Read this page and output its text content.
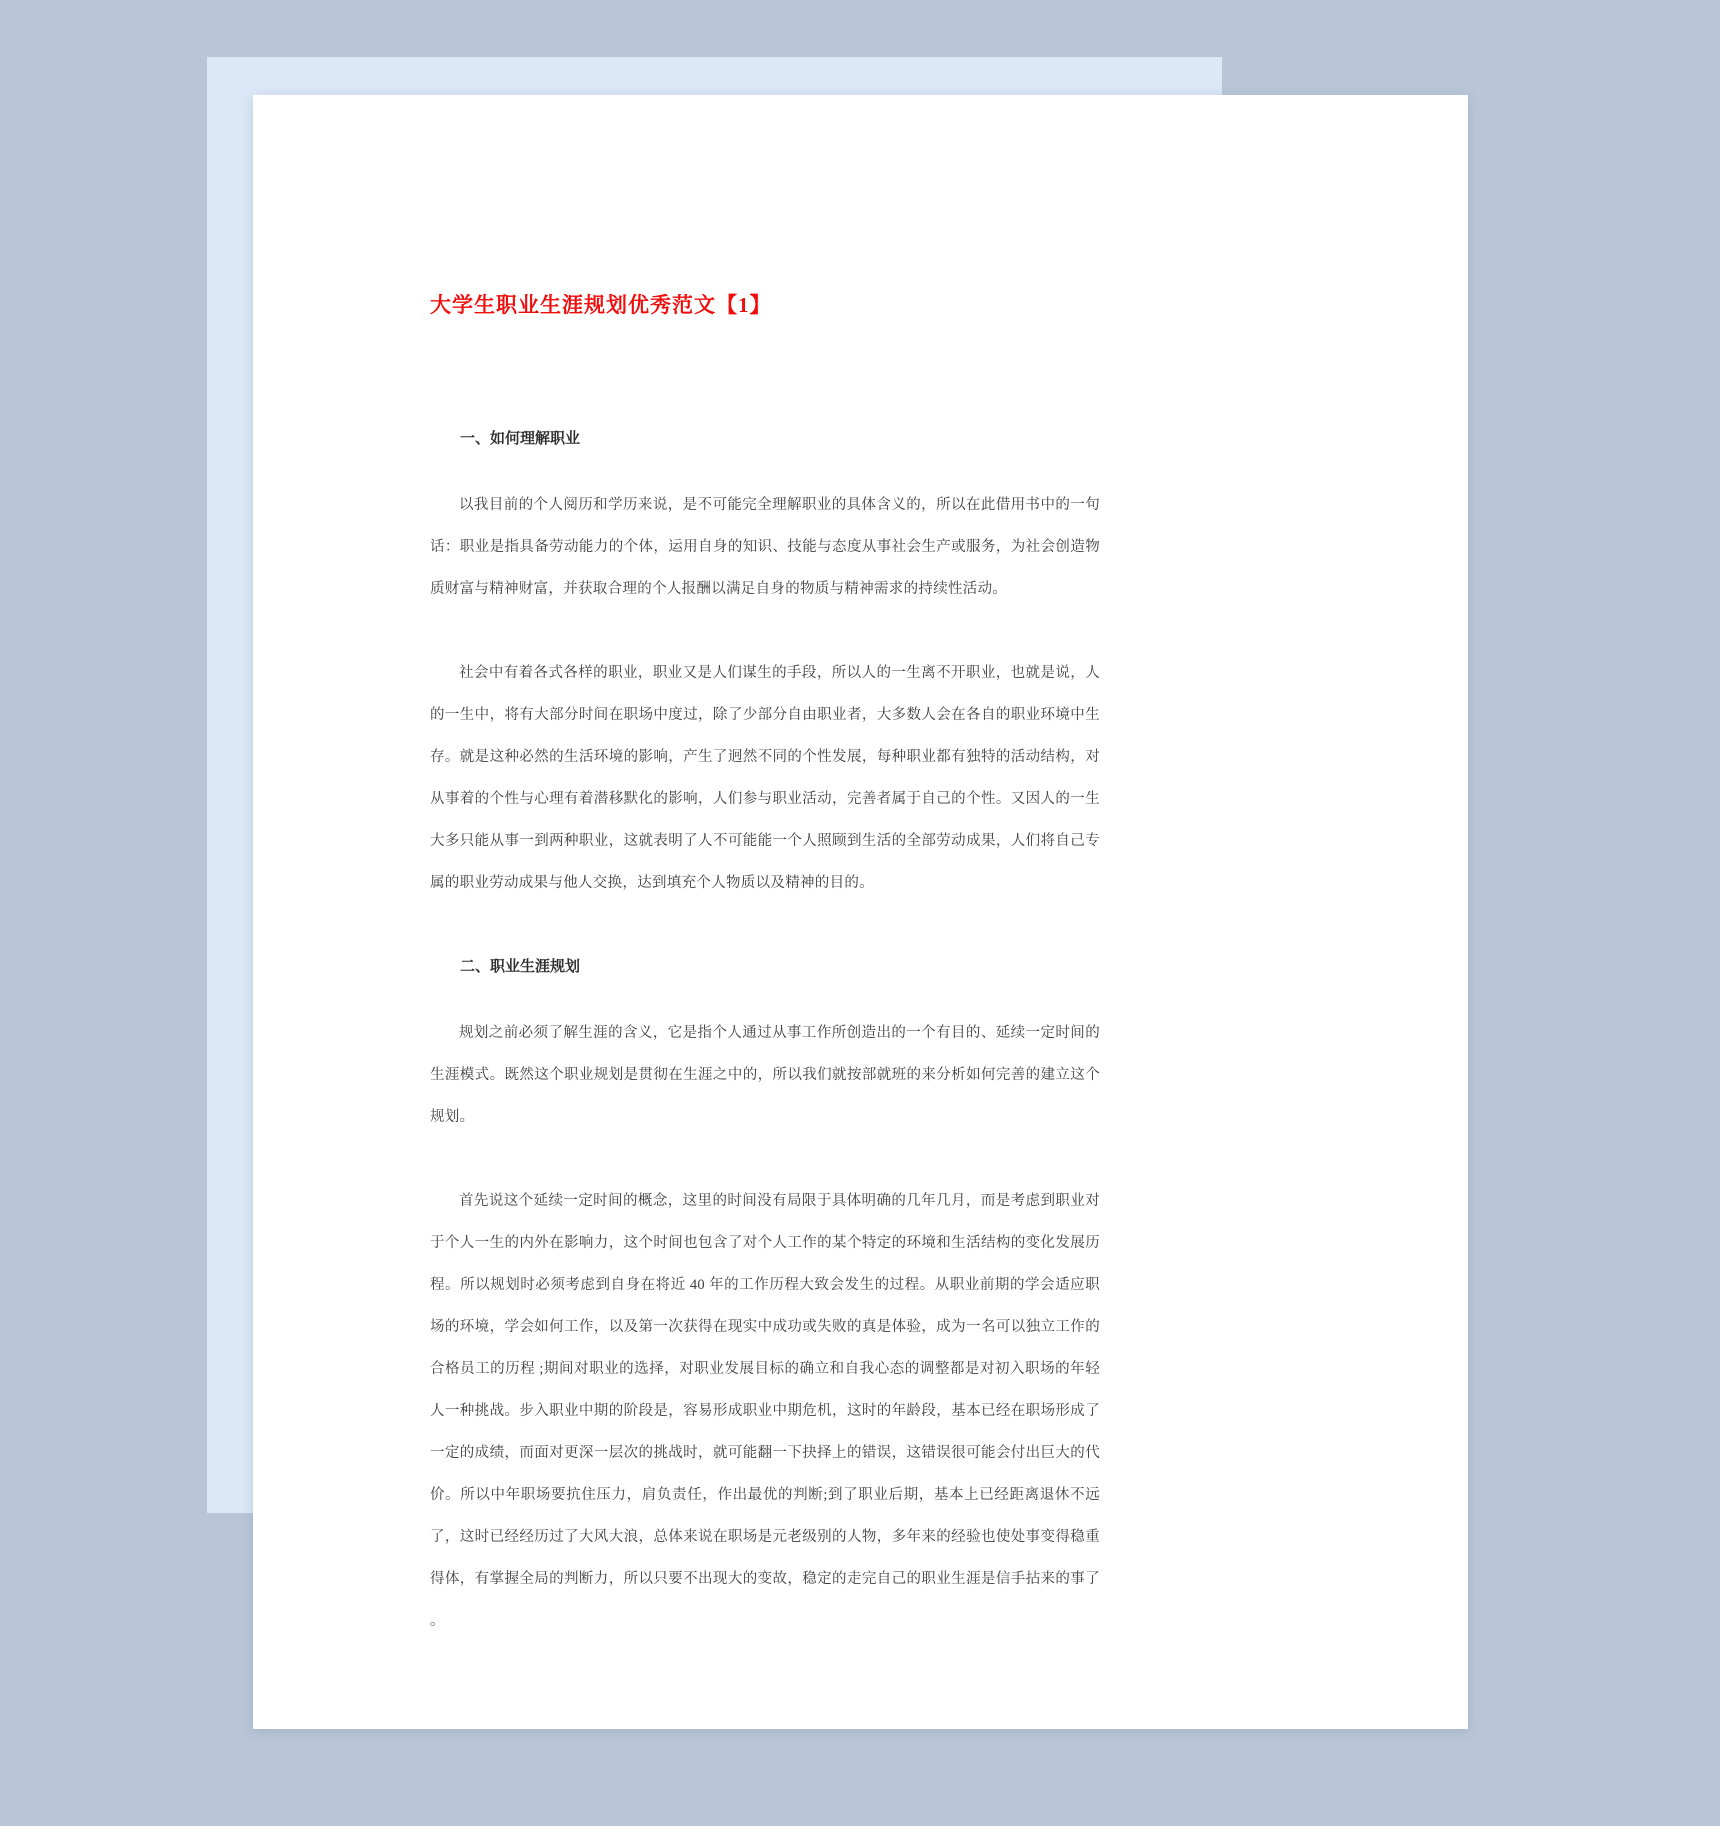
大学生职业生涯规划优秀范文【1】
一、如何理解职业

以我目前的个人阅历和学历来说，是不可能完全理解职业的具体含义的，所以在此借用书中的一句话：职业是指具备劳动能力的个体，运用自身的知识、技能与态度从事社会生产或服务，为社会创造物质财富与精神财富，并获取合理的个人报酬以满足自身的物质与精神需求的持续性活动。

社会中有着各式各样的职业，职业又是人们谋生的手段，所以人的一生离不开职业，也就是说，人的一生中，将有大部分时间在职场中度过，除了少部分自由职业者，大多数人会在各自的职业环境中生存。就是这种必然的生活环境的影响，产生了迥然不同的个性发展，每种职业都有独特的活动结构，对从事着的个性与心理有着潜移默化的影响，人们参与职业活动，完善者属于自己的个性。又因人的一生大多只能从事一到两种职业，这就表明了人不可能能一个人照顾到生活的全部劳动成果，人们将自己专属的职业劳动成果与他人交换，达到填充个人物质以及精神的目的。

二、职业生涯规划

规划之前必须了解生涯的含义，它是指个人通过从事工作所创造出的一个有目的、延续一定时间的生涯模式。既然这个职业规划是贯彻在生涯之中的，所以我们就按部就班的来分析如何完善的建立这个规划。

首先说这个延续一定时间的概念，这里的时间没有局限于具体明确的几年几月，而是考虑到职业对于个人一生的内外在影响力，这个时间也包含了对个人工作的某个特定的环境和生活结构的变化发展历程。所以规划时必须考虑到自身在将近 40 年的工作历程大致会发生的过程。从职业前期的学会适应职场的环境，学会如何工作，以及第一次获得在现实中成功或失败的真是体验，成为一名可以独立工作的合格员工的历程 ;期间对职业的选择，对职业发展目标的确立和自我心态的调整都是对初入职场的年轻人一种挑战。步入职业中期的阶段是，容易形成职业中期危机，这时的年龄段，基本已经在职场形成了一定的成绩，而面对更深一层次的挑战时，就可能翻一下抉择上的错误，这错误很可能会付出巨大的代价。所以中年职场要抗住压力，肩负责任，作出最优的判断;到了职业后期，基本上已经距离退休不远了，这时已经经历过了大风大浪，总体来说在职场是元老级别的人物，多年来的经验也使处事变得稳重得体，有掌握全局的判断力，所以只要不出现大的变故，稳定的走完自己的职业生涯是信手拈来的事了 。
